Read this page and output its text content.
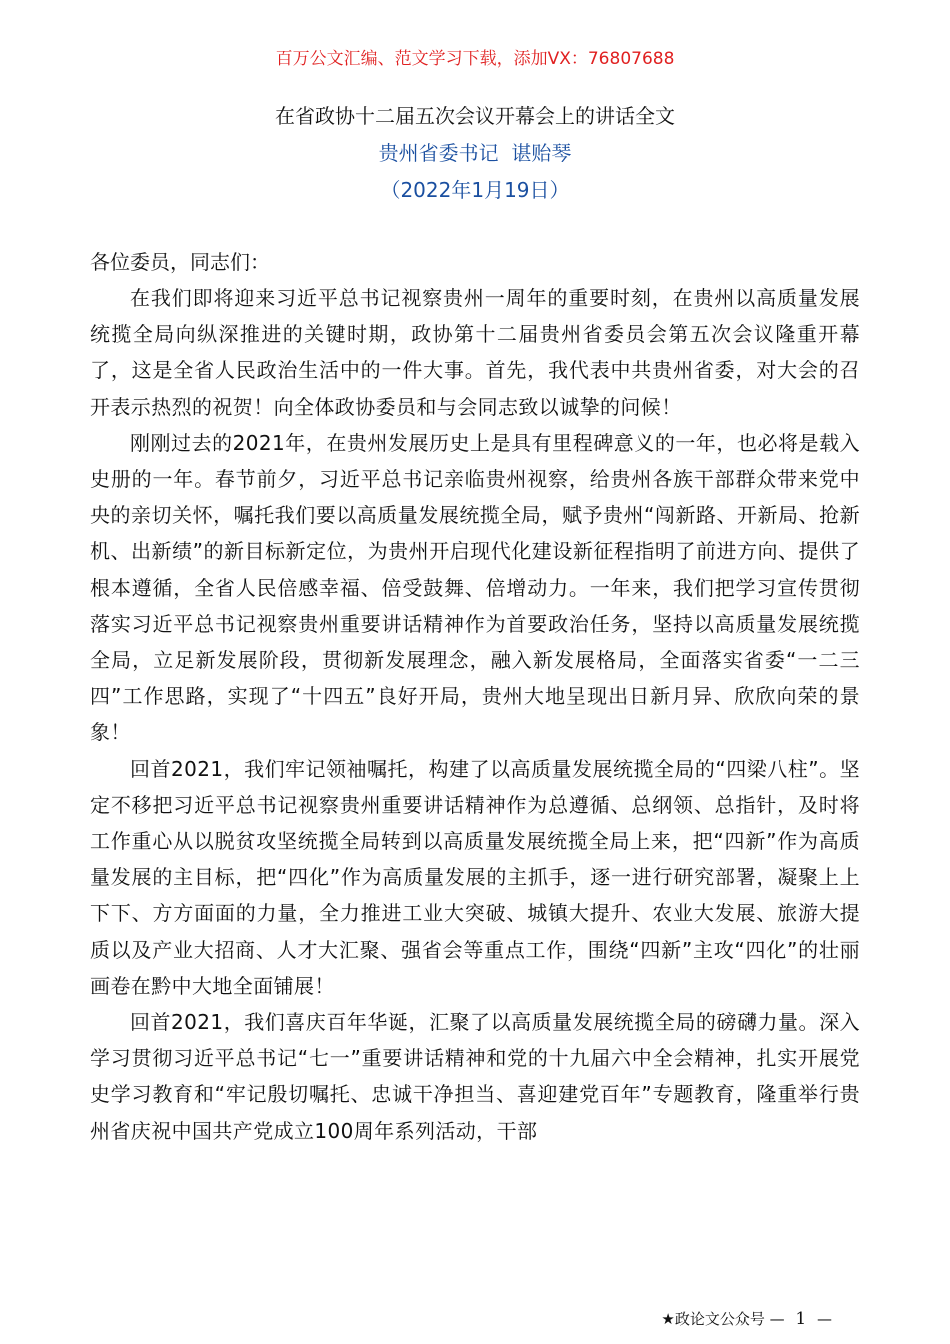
百万公文汇编、范文学习下载，添加VX：76807688
在省政协十二届五次会议开幕会上的讲话全文
贵州省委书记  谌贻琴
（2022年1月19日）
各位委员，同志们：

在我们即将迎来习近平总书记视察贵州一周年的重要时刻，在贵州以高质量发展统揽全局向纵深推进的关键时期，政协第十二届贵州省委员会第五次会议隆重开幕了，这是全省人民政治生活中的一件大事。首先，我代表中共贵州省委，对大会的召开表示热烈的祝贺！向全体政协委员和与会同志致以诚挚的问候！

刚刚过去的2021年，在贵州发展历史上是具有里程碑意义的一年，也必将是载入史册的一年。春节前夕，习近平总书记亲临贵州视察，给贵州各族干部群众带来党中央的亲切关怀，嘱托我们要以高质量发展统揽全局，赋予贵州“闯新路、开新局、抢新机、出新绩”的新目标新定位，为贵州开启现代化建设新征程指明了前进方向、提供了根本遵循，全省人民倍感幸福、倍受鼓舞、倍增动力。一年来，我们把学习宣传贯彻落实习近平总书记视察贵州重要讲话精神作为首要政治任务，坚持以高质量发展统揽全局，立足新发展阶段，贯彻新发展理念，融入新发展格局，全面落实省委“一二三四”工作思路，实现了“十四五”良好开局，贵州大地呈现出日新月异、欣欣向荣的景象！

回首2021，我们牢记领袖嘱托，构建了以高质量发展统揽全局的“四梁八柱”。坚定不移把习近平总书记视察贵州重要讲话精神作为总遵循、总纲领、总指针，及时将工作重心从以脱贫攻坚统揽全局转到以高质量发展统揽全局上来，把“四新”作为高质量发展的主目标，把“四化”作为高质量发展的主抓手，逐一进行研究部署，凝聚上上下下、方方面面的力量，全力推进工业大突破、城镇大提升、农业大发展、旅游大提质以及产业大招商、人才大汇聚、强省会等重点工作，围绕“四新”主攻“四化”的壮丽画卷在黔中大地全面铺展！

回首2021，我们喜庆百年华诞，汇聚了以高质量发展统揽全局的磅礴力量。深入学习贯彻习近平总书记“七一”重要讲话精神和党的十九届六中全会精神，扎实开展党史学习教育和“牢记殷切嘱托、忠诚干净担当、喜迎建党百年”专题教育，隆重举行贵州省庆祝中国共产党成立100周年系列活动，干部

★政论文公众号 — 1 —
